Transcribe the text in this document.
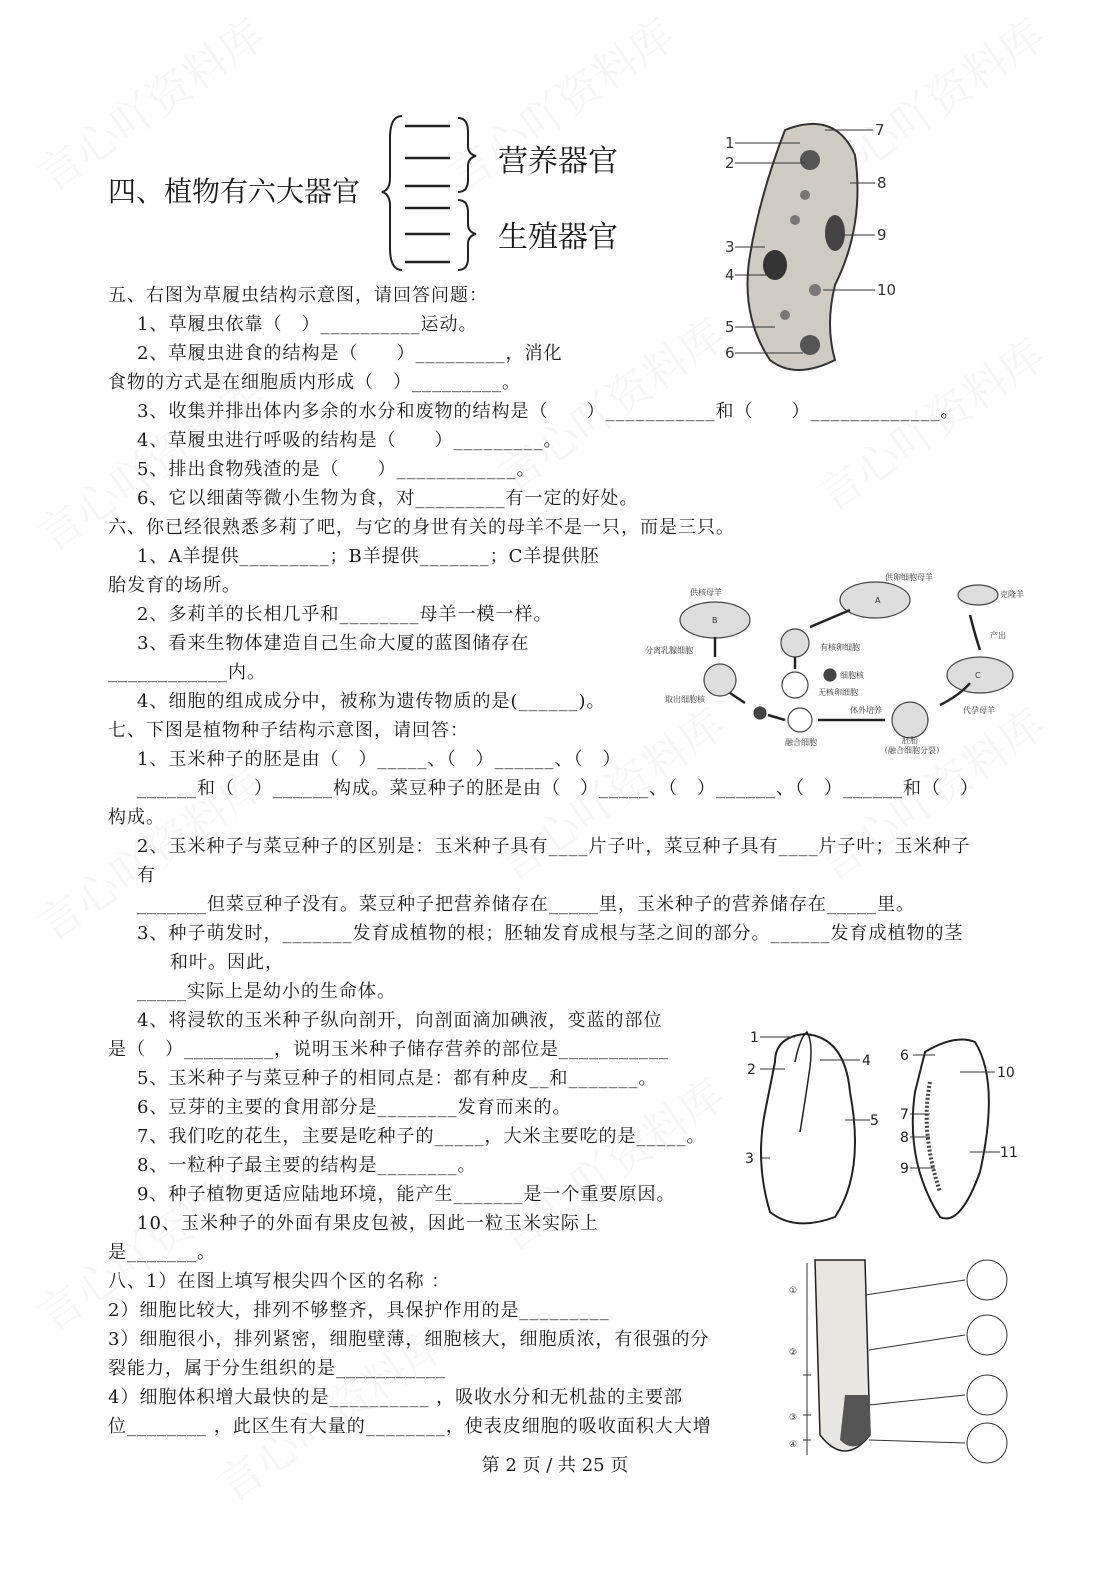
四、植物有六大器官
营养器官
生殖器官
1
2
3
4
5
6
7
8
9
10
供核母羊
B
A
C
供卵细胞母羊
克隆羊
分离乳腺细胞	有核卵细胞
细胞核
产出
取出细胞核
无核卵细胞
体外培养
融合细胞	胚胎
（融合细胞分裂）
代孕母羊
1
2
3
4
5
6
7
8
9
10
11
①
②
③
④
五、右图为草履虫结构示意图，请回答问题：
1、草履虫依靠（　）__________运动。
2、草履虫进食的结构是（　　）_________，消化
食物的方式是在细胞质内形成（　）_________。
3、收集并排出体内多余的水分和废物的结构是（　　）___________和（　　）_____________。
4、草履虫进行呼吸的结构是（　　）_________。
5、排出食物残渣的是（　　）____________。
6、它以细菌等微小生物为食，对_________有一定的好处。
六、你已经很熟悉多莉了吧，与它的身世有关的母羊不是一只，而是三只。
1、A羊提供_________；B羊提供_______；C羊提供胚
胎发育的场所。
2、多莉羊的长相几乎和________母羊一模一样。
3、看来生物体建造自己生命大厦的蓝图储存在
____________内。
4、细胞的组成成分中，被称为遗传物质的是(______)。
七、下图是植物种子结构示意图，请回答：
1、玉米种子的胚是由（　）_____、（　）______、（　）
______和（　）______构成。菜豆种子的胚是由（　）_____、（　）______、（　）______和（　）
构成。
2、玉米种子与菜豆种子的区别是：玉米种子具有____片子叶，菜豆种子具有____片子叶；玉米种子
有
_______但菜豆种子没有。菜豆种子把营养储存在_____里，玉米种子的营养储存在_____里。
3、种子萌发时，_______发育成植物的根；胚轴发育成根与茎之间的部分。______发育成植物的茎
和叶。因此，
_____实际上是幼小的生命体。
4、将浸软的玉米种子纵向剖开，向剖面滴加碘液，变蓝的部位
是（　）_________，说明玉米种子储存营养的部位是___________
5、玉米种子与菜豆种子的相同点是：都有种皮__和_______。
6、豆芽的主要的食用部分是________发育而来的。
7、我们吃的花生，主要是吃种子的_____，大米主要吃的是_____。
8、一粒种子最主要的结构是________。
9、种子植物更适应陆地环境，能产生_______是一个重要原因。
10、玉米种子的外面有果皮包被，因此一粒玉米实际上
是_______。
八、1）在图上填写根尖四个区的名称 ：
2）细胞比较大，排列不够整齐，具保护作用的是_________
3）细胞很小，排列紧密，细胞壁薄，细胞核大，细胞质浓，有很强的分
裂能力，属于分生组织的是___________
4）细胞体积增大最快的是__________ ，吸收水分和无机盐的主要部
位________ ，此区生有大量的________，使表皮细胞的吸收面积大大增
第 2 页 / 共 25 页
